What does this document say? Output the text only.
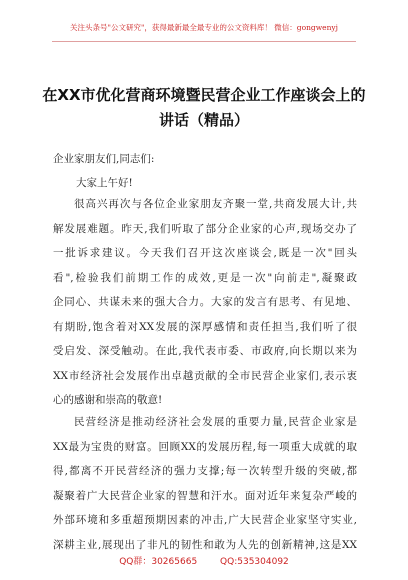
关注头条号"公文研究"，获得最新最全最专业的公文资料库！ 微信：gongwenyj
在XX市优化营商环境暨民营企业工作座谈会上的
讲话（精品）
企业家朋友们,同志们:
大家上午好!
很高兴再次与各位企业家朋友齐聚一堂,共商发展大计,共
解发展难题。昨天,我们听取了部分企业家的心声,现场交办了
一批诉求建议。今天我们召开这次座谈会,既是一次"回头
看",检验我们前期工作的成效,更是一次"向前走",凝聚政
企同心、共谋未来的强大合力。大家的发言有思考、有见地、
有期盼,饱含着对XX发展的深厚感情和责任担当,我们听了很
受启发、深受触动。在此,我代表市委、市政府,向长期以来为
XX市经济社会发展作出卓越贡献的全市民营企业家们,表示衷
心的感谢和崇高的敬意!
民营经济是推动经济社会发展的重要力量,民营企业家是
XX最为宝贵的财富。回顾XX的发展历程,每一项重大成就的取
得,都离不开民营经济的强力支撑;每一次转型升级的突破,都
凝聚着广大民营企业家的智慧和汗水。面对近年来复杂严峻的
外部环境和多重超预期因素的冲击,广大民营企业家坚守实业,
深耕主业,展现出了非凡的韧性和敢为人先的创新精神,这是XX
QQ群：30265665	QQ:535304092
